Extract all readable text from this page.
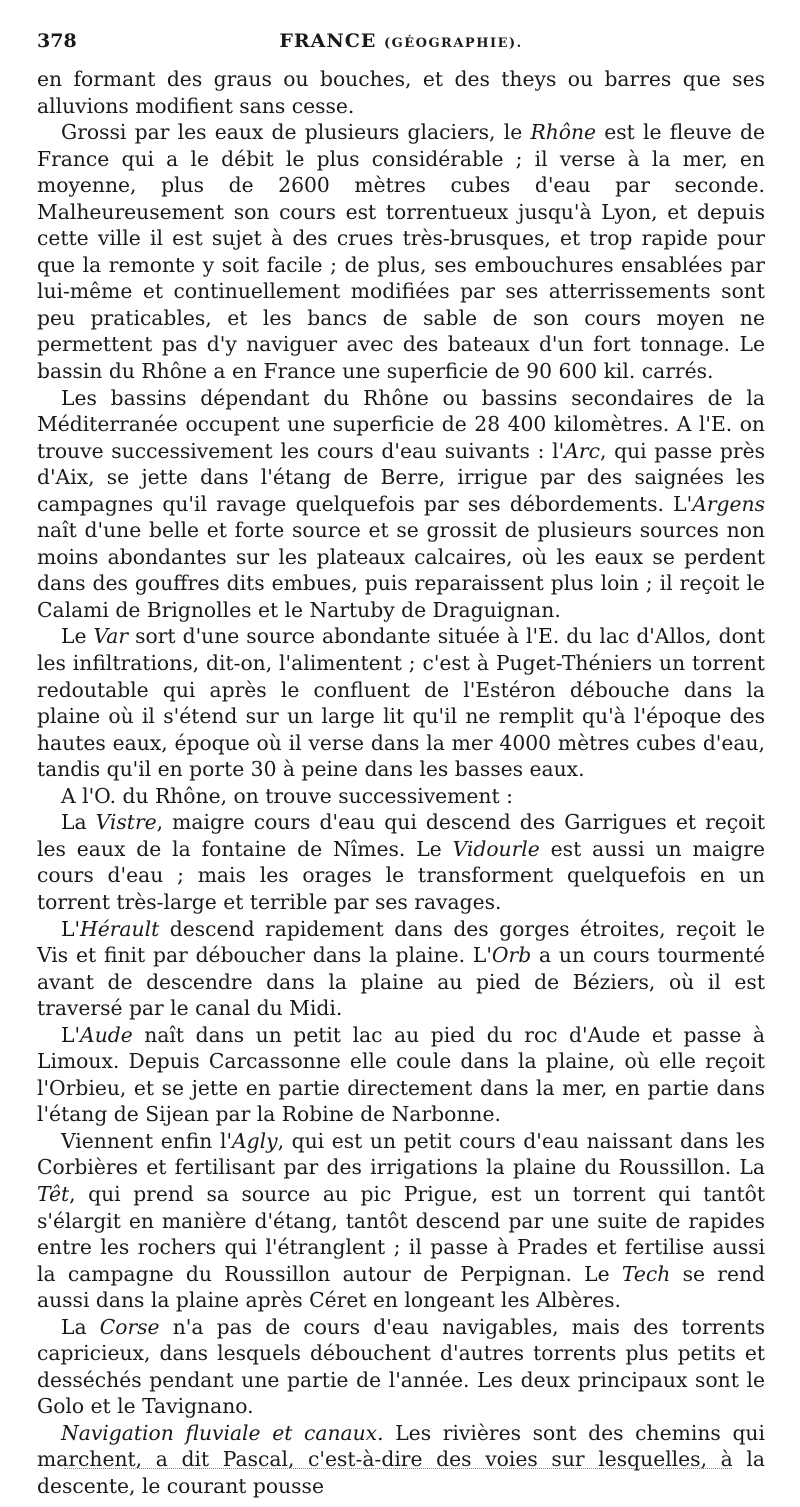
378	FRANCE (GÉOGRAPHIE).

en formant des graus ou bouches, et des theys ou barres que ses alluvions modifient sans cesse.

Grossi par les eaux de plusieurs glaciers, le Rhône est le fleuve de France qui a le débit le plus considérable ; il verse à la mer, en moyenne, plus de 2600 mètres cubes d'eau par seconde. Malheureusement son cours est torrentueux jusqu'à Lyon, et depuis cette ville il est sujet à des crues très-brusques, et trop rapide pour que la remonte y soit facile ; de plus, ses embouchures ensablées par lui-même et continuellement modifiées par ses atterrissements sont peu praticables, et les bancs de sable de son cours moyen ne permettent pas d'y naviguer avec des bateaux d'un fort tonnage. Le bassin du Rhône a en France une superficie de 90 600 kil. carrés.

Les bassins dépendant du Rhône ou bassins secondaires de la Méditerranée occupent une superficie de 28 400 kilomètres. A l'E. on trouve successivement les cours d'eau suivants : l'Arc, qui passe près d'Aix, se jette dans l'étang de Berre, irrigue par des saignées les campagnes qu'il ravage quelquefois par ses débordements. L'Argens naît d'une belle et forte source et se grossit de plusieurs sources non moins abondantes sur les plateaux calcaires, où les eaux se perdent dans des gouffres dits embues, puis reparaissent plus loin ; il reçoit le Calami de Brignolles et le Nartuby de Draguignan.

Le Var sort d'une source abondante située à l'E. du lac d'Allos, dont les infiltrations, dit-on, l'alimentent ; c'est à Puget-Théniers un torrent redoutable qui après le confluent de l'Estéron débouche dans la plaine où il s'étend sur un large lit qu'il ne remplit qu'à l'époque des hautes eaux, époque où il verse dans la mer 4000 mètres cubes d'eau, tandis qu'il en porte 30 à peine dans les basses eaux.

A l'O. du Rhône, on trouve successivement :

La Vistre, maigre cours d'eau qui descend des Garrigues et reçoit les eaux de la fontaine de Nîmes. Le Vidourle est aussi un maigre cours d'eau ; mais les orages le transforment quelquefois en un torrent très-large et terrible par ses ravages.

L'Hérault descend rapidement dans des gorges étroites, reçoit le Vis et finit par déboucher dans la plaine. L'Orb a un cours tourmenté avant de descendre dans la plaine au pied de Béziers, où il est traversé par le canal du Midi.

L'Aude naît dans un petit lac au pied du roc d'Aude et passe à Limoux. Depuis Carcassonne elle coule dans la plaine, où elle reçoit l'Orbieu, et se jette en partie directement dans la mer, en partie dans l'étang de Sijean par la Robine de Narbonne.

Viennent enfin l'Agly, qui est un petit cours d'eau naissant dans les Corbières et fertilisant par des irrigations la plaine du Roussillon. La Têt, qui prend sa source au pic Prigue, est un torrent qui tantôt s'élargit en manière d'étang, tantôt descend par une suite de rapides entre les rochers qui l'étranglent ; il passe à Prades et fertilise aussi la campagne du Roussillon autour de Perpignan. Le Tech se rend aussi dans la plaine après Céret en longeant les Albères.

La Corse n'a pas de cours d'eau navigables, mais des torrents capricieux, dans lesquels débouchent d'autres torrents plus petits et desséchés pendant une partie de l'année. Les deux principaux sont le Golo et le Tavignano.

Navigation fluviale et canaux. Les rivières sont des chemins qui marchent, a dit Pascal, c'est-à-dire des voies sur lesquelles, à la descente, le courant pousse
